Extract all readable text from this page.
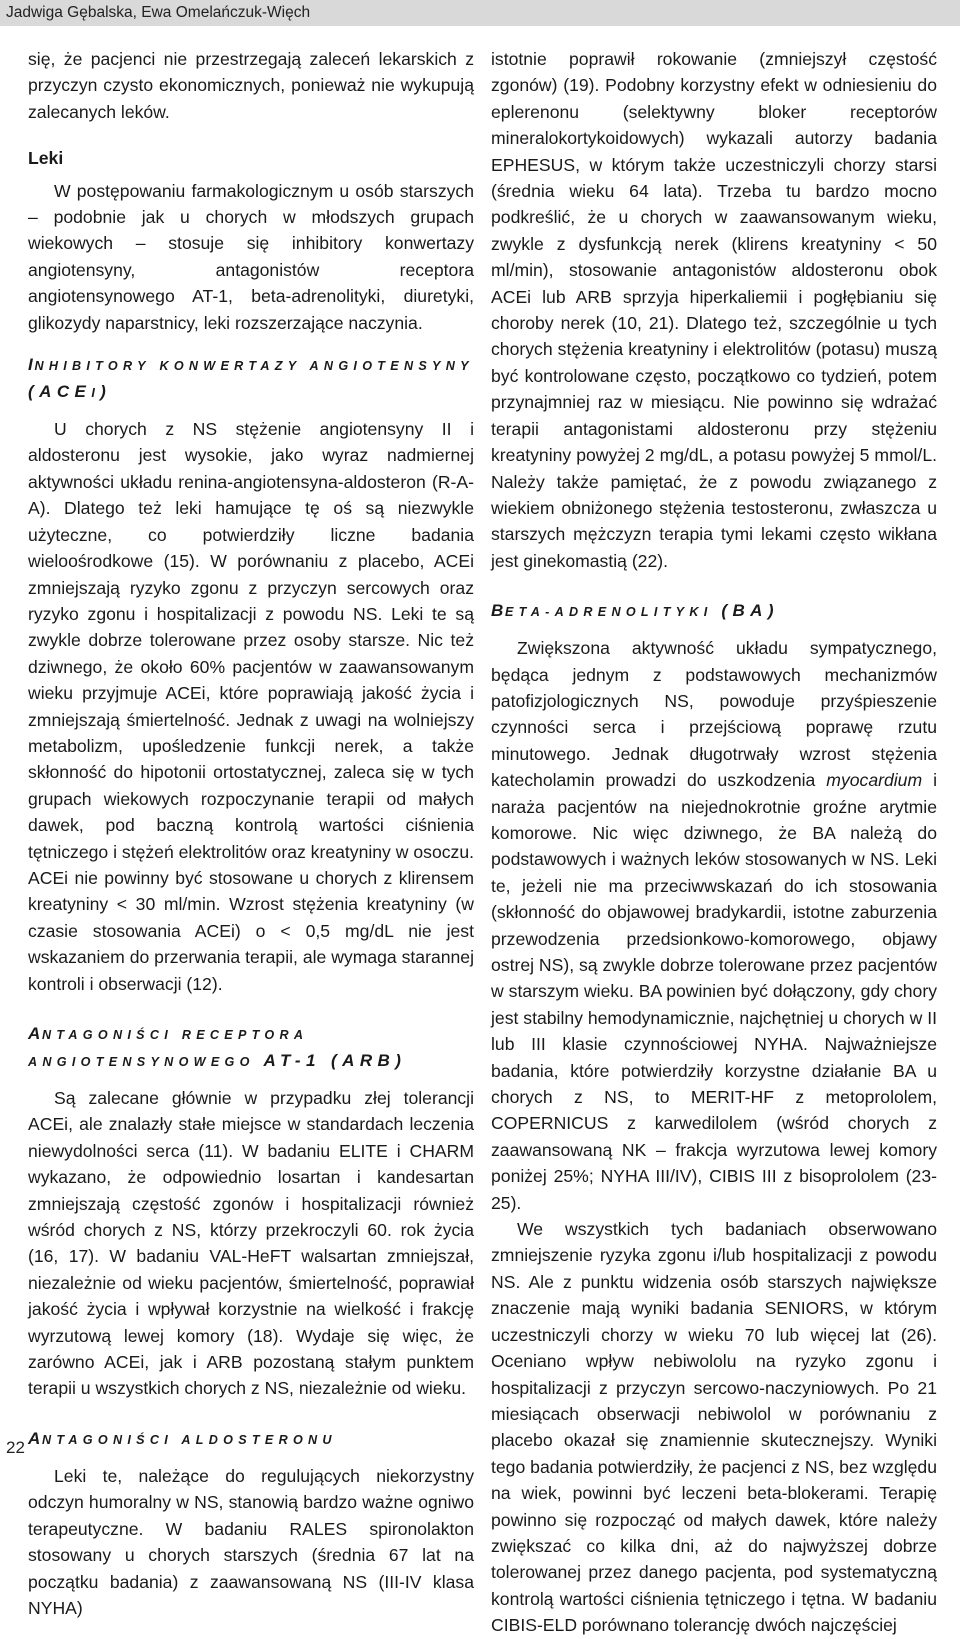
Jadwiga Gębalska, Ewa Omelańczuk-Więch

się, że pacjenci nie przestrzegają zaleceń lekarskich z przyczyn czysto ekonomicznych, ponieważ nie wykupują zalecanych leków.

Leki

W postępowaniu farmakologicznym u osób starszych – podobnie jak u chorych w młodszych grupach wiekowych – stosuje się inhibitory konwertazy angiotensyny, antagonistów receptora angiotensynowego AT-1, beta-adrenolityki, diuretyki, glikozydy naparstnicy, leki rozszerzające naczynia.

INHIBITORY KONWERTAZY ANGIOTENSYNY
(ACEI)

U chorych z NS stężenie angiotensyny II i aldosteronu jest wysokie, jako wyraz nadmiernej aktywności układu renina-angiotensyna-aldosteron (R-A-A). Dlatego też leki hamujące tę oś są niezwykle użyteczne, co potwierdziły liczne badania wieloośrodkowe (15). W porównaniu z placebo, ACEi zmniejszają ryzyko zgonu z przyczyn sercowych oraz ryzyko zgonu i hospitalizacji z powodu NS. Leki te są zwykle dobrze tolerowane przez osoby starsze. Nic też dziwnego, że około 60% pacjentów w zaawansowanym wieku przyjmuje ACEi, które poprawiają jakość życia i zmniejszają śmiertelność. Jednak z uwagi na wolniejszy metabolizm, upośledzenie funkcji nerek, a także skłonność do hipotonii ortostatycznej, zaleca się w tych grupach wiekowych rozpoczynanie terapii od małych dawek, pod baczną kontrolą wartości ciśnienia tętniczego i stężeń elektrolitów oraz kreatyniny w osoczu. ACEi nie powinny być stosowane u chorych z klirensem kreatyniny < 30 ml/min. Wzrost stężenia kreatyniny (w czasie stosowania ACEi) o < 0,5 mg/dL nie jest wskazaniem do przerwania terapii, ale wymaga starannej kontroli i obserwacji (12).

ANTAGONIŚCI RECEPTORA
ANGIOTENSYNOWEGO AT-1 (ARB)

Są zalecane głównie w przypadku złej tolerancji ACEi, ale znalazły stałe miejsce w standardach leczenia niewydolności serca (11). W badaniu ELITE i CHARM wykazano, że odpowiednio losartan i kandesartan zmniejszają częstość zgonów i hospitalizacji również wśród chorych z NS, którzy przekroczyli 60. rok życia (16, 17). W badaniu VAL-HeFT walsartan zmniejszał, niezależnie od wieku pacjentów, śmiertelność, poprawiał jakość życia i wpływał korzystnie na wielkość i frakcję wyrzutową lewej komory (18). Wydaje się więc, że zarówno ACEi, jak i ARB pozostaną stałym punktem terapii u wszystkich chorych z NS, niezależnie od wieku.

ANTAGONIŚCI ALDOSTERONU

Leki te, należące do regulujących niekorzystny odczyn humoralny w NS, stanowią bardzo ważne ogniwo terapeutyczne. W badaniu RALES spironolakton stosowany u chorych starszych (średnia 67 lat na początku badania) z zaawansowaną NS (III-IV klasa NYHA)

istotnie poprawił rokowanie (zmniejszył częstość zgonów) (19). Podobny korzystny efekt w odniesieniu do eplerenonu (selektywny bloker receptorów mineralokortykoidowych) wykazali autorzy badania EPHESUS, w którym także uczestniczyli chorzy starsi (średnia wieku 64 lata). Trzeba tu bardzo mocno podkreślić, że u chorych w zaawansowanym wieku, zwykle z dysfunkcją nerek (klirens kreatyniny < 50 ml/min), stosowanie antagonistów aldosteronu obok ACEi lub ARB sprzyja hiperkaliemii i pogłębianiu się choroby nerek (10, 21). Dlatego też, szczególnie u tych chorych stężenia kreatyniny i elektrolitów (potasu) muszą być kontrolowane często, początkowo co tydzień, potem przynajmniej raz w miesiącu. Nie powinno się wdrażać terapii antagonistami aldosteronu przy stężeniu kreatyniny powyżej 2 mg/dL, a potasu powyżej 5 mmol/L. Należy także pamiętać, że z powodu związanego z wiekiem obniżonego stężenia testosteronu, zwłaszcza u starszych mężczyzn terapia tymi lekami często wikłana jest ginekomastią (22).

BETA-ADRENOLITYKI (BA)

Zwiększona aktywność układu sympatycznego, będąca jednym z podstawowych mechanizmów patofizjologicznych NS, powoduje przyśpieszenie czynności serca i przejściową poprawę rzutu minutowego. Jednak długotrwały wzrost stężenia katecholamin prowadzi do uszkodzenia myocardium i naraża pacjentów na niejednokrotnie groźne arytmie komorowe. Nic więc dziwnego, że BA należą do podstawowych i ważnych leków stosowanych w NS. Leki te, jeżeli nie ma przeciwwskazań do ich stosowania (skłonność do objawowej bradykardii, istotne zaburzenia przewodzenia przedsionkowo-komorowego, objawy ostrej NS), są zwykle dobrze tolerowane przez pacjentów w starszym wieku. BA powinien być dołączony, gdy chory jest stabilny hemodynamicznie, najchętniej u chorych w II lub III klasie czynnościowej NYHA. Najważniejsze badania, które potwierdziły korzystne działanie BA u chorych z NS, to MERIT-HF z metoprololem, COPERNICUS z karwedilolem (wśród chorych z zaawansowaną NK – frakcja wyrzutowa lewej komory poniżej 25%; NYHA III/IV), CIBIS III z bisoprololem (23-25).

We wszystkich tych badaniach obserwowano zmniejszenie ryzyka zgonu i/lub hospitalizacji z powodu NS. Ale z punktu widzenia osób starszych największe znaczenie mają wyniki badania SENIORS, w którym uczestniczyli chorzy w wieku 70 lub więcej lat (26). Oceniano wpływ nebiwololu na ryzyko zgonu i hospitalizacji z przyczyn sercowo-naczyniowych. Po 21 miesiącach obserwacji nebiwolol w porównaniu z placebo okazał się znamiennie skutecznejszy. Wyniki tego badania potwierdziły, że pacjenci z NS, bez względu na wiek, powinni być leczeni beta-blokerami. Terapię powinno się rozpocząć od małych dawek, które należy zwiększać co kilka dni, aż do najwyższej dobrze tolerowanej przez danego pacjenta, pod systematyczną kontrolą wartości ciśnienia tętniczego i tętna. W badaniu CIBIS-ELD porównano tolerancję dwóch najczęściej

22
